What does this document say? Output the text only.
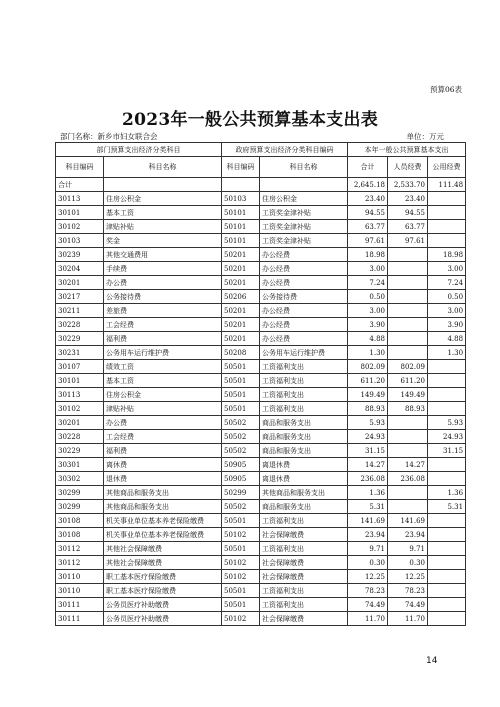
预算06表
2023年一般公共预算基本支出表
部门名称：新乡市妇女联合会	单位：万元
部门预算支出经济分类科目		政府预算支出经济分类科目编码		本年一般公共预算基本支出		
科目编码	科目名称	科目编码	科目名称	合计	人员经费	公用经费
合计				2,645.18	2,533.70	111.48
30113	住房公积金	50103	住房公积金	23.40	23.40	
30101	基本工资	50101	工资奖金津补贴	94.55	94.55	
30102	津贴补贴	50101	工资奖金津补贴	63.77	63.77	
30103	奖金	50101	工资奖金津补贴	97.61	97.61	
30239	其他交通费用	50201	办公经费	18.98		18.98
30204	手续费	50201	办公经费	3.00		3.00
30201	办公费	50201	办公经费	7.24		7.24
30217	公务接待费	50206	公务接待费	0.50		0.50
30211	差旅费	50201	办公经费	3.00		3.00
30228	工会经费	50201	办公经费	3.90		3.90
30229	福利费	50201	办公经费	4.88		4.88
30231	公务用车运行维护费	50208	公务用车运行维护费	1.30		1.30
30107	绩效工资	50501	工资福利支出	802.09	802.09	
30101	基本工资	50501	工资福利支出	611.20	611.20	
30113	住房公积金	50501	工资福利支出	149.49	149.49	
30102	津贴补贴	50501	工资福利支出	88.93	88.93	
30201	办公费	50502	商品和服务支出	5.93		5.93
30228	工会经费	50502	商品和服务支出	24.93		24.93
30229	福利费	50502	商品和服务支出	31.15		31.15
30301	离休费	50905	离退休费	14.27	14.27	
30302	退休费	50905	离退休费	236.08	236.08	
30299	其他商品和服务支出	50299	其他商品和服务支出	1.36		1.36
30299	其他商品和服务支出	50502	商品和服务支出	5.31		5.31
30108	机关事业单位基本养老保险缴费	50501	工资福利支出	141.69	141.69	
30108	机关事业单位基本养老保险缴费	50102	社会保障缴费	23.94	23.94	
30112	其他社会保障缴费	50501	工资福利支出	9.71	9.71	
30112	其他社会保障缴费	50102	社会保障缴费	0.30	0.30	
30110	职工基本医疗保险缴费	50102	社会保障缴费	12.25	12.25	
30110	职工基本医疗保险缴费	50501	工资福利支出	78.23	78.23	
30111	公务员医疗补助缴费	50501	工资福利支出	74.49	74.49	
30111	公务员医疗补助缴费	50102	社会保障缴费	11.70	11.70	
14
